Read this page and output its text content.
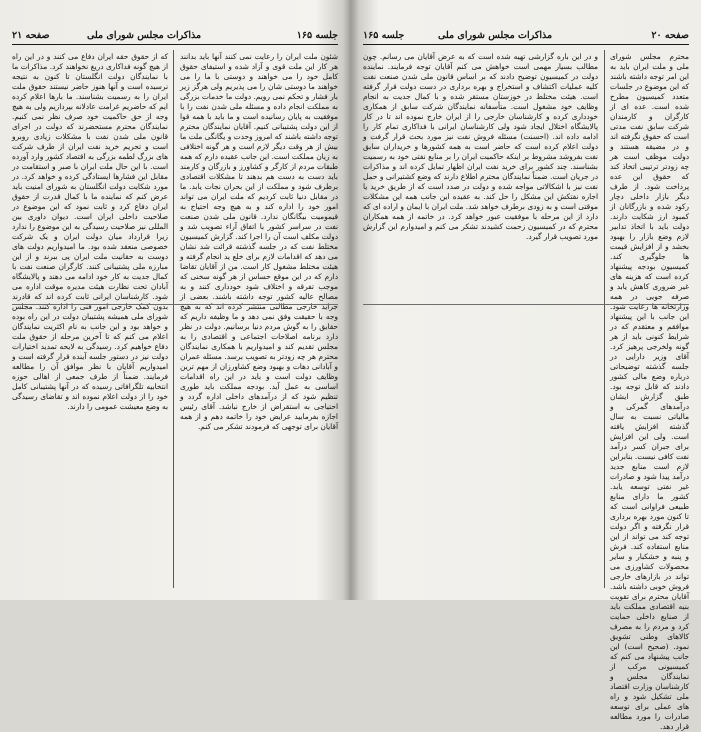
جلسه ۱۶۵
مذاکرات مجلس شورای ملی
صفحه ۲۱

شئون ملت ایران را رعایت نمی کنند آنها باید بدانند هر کار این ملت قوی و آزاد شده و استیفای حقوق کامل خود را می خواهند و دوستی با ما را می خواهند ما دوستی شان را می پذیریم ولی هرگز زیر بار فشار و تحکم نمی رویم. دولت ما خدمات بزرگی به مملکت انجام داده و مسئله ملی شدن نفت را با موفقیت به پایان رسانیده است و ما باید با همه قوا از این دولت پشتیبانی کنیم. آقایان نمایندگان محترم توجه داشته باشند که امروز وحدت و یگانگی ملت ما بیش از هر وقت دیگر لازم است و هر گونه اختلافی به زیان مملکت است. این جانب عقیده دارم که همه طبقات مردم از کارگر و کشاورز و بازرگان و کارمند باید دست به دست هم بدهند تا مشکلات اقتصادی برطرف شود و مملکت از این بحران نجات یابد. ما در مقابل دنیا ثابت کردیم که ملت ایران می تواند امور خود را اداره کند و به هیچ وجه احتیاج به قیمومیت بیگانگان ندارد. قانون ملی شدن صنعت نفت در سراسر کشور با اتفاق آراء تصویب شد و دولت مکلف است آن را اجرا کند. گزارش کمیسیون مختلط نفت که در جلسه گذشته قرائت شد نشان می دهد که اقدامات لازم برای خلع ید انجام گرفته و هیئت مختلط مشغول کار است. من از آقایان تقاضا دارم که در این موقع حساس از هر گونه سخنی که موجب تفرقه و اختلاف شود خودداری کنند و به مصالح عالیه کشور توجه داشته باشند. بعضی از جراید خارجی مطالبی منتشر کرده اند که به هیچ وجه با حقیقت وفق نمی دهد و ما وظیفه داریم که حقایق را به گوش مردم دنیا برسانیم. دولت در نظر دارد برنامه اصلاحات اجتماعی و اقتصادی را به مجلس تقدیم کند و امیدواریم با همکاری نمایندگان محترم هر چه زودتر به تصویب برسد. مسئله عمران و آبادانی دهات و بهبود وضع کشاورزان از مهم ترین وظایف دولت است و باید در این راه اقدامات اساسی به عمل آید. بودجه مملکت باید طوری تنظیم شود که از درآمدهای داخلی اداره گردد و احتیاجی به استقراض از خارج نباشد. آقای رئیس اجازه بفرمایید عرایض خود را خاتمه دهم و از همه آقایان برای توجهی که فرمودند تشکر می کنم.

که از حقوق حقه ایران دفاع می کنند و در این راه از هیچ گونه فداکاری دریغ نخواهند کرد. مذاکرات ما با نمایندگان دولت انگلستان تا کنون به نتیجه نرسیده است و آنها هنوز حاضر نیستند حقوق ملت ایران را به رسمیت بشناسند. ما بارها اعلام کرده ایم که حاضریم غرامت عادلانه بپردازیم ولی به هیچ وجه از حق حاکمیت خود صرف نظر نمی کنیم. نمایندگان محترم مستحضرند که دولت در اجرای قانون ملی شدن نفت با مشکلات زیادی روبرو است و تحریم خرید نفت ایران از طرف شرکت های بزرگ لطمه بزرگی به اقتصاد کشور وارد آورده است. با این حال ملت ایران با صبر و استقامت در مقابل این فشارها ایستادگی کرده و خواهد کرد. در مورد شکایت دولت انگلستان به شورای امنیت باید عرض کنم که نماینده ما با کمال قدرت از حقوق ایران دفاع کرد و ثابت نمود که این موضوع در صلاحیت داخلی ایران است. دیوان داوری بین المللی نیز صلاحیت رسیدگی به این موضوع را ندارد زیرا قرارداد میان دولت ایران و یک شرکت خصوصی منعقد شده بود. ما امیدواریم دولت های دوست به حقانیت ملت ایران پی ببرند و از این مبارزه ملی پشتیبانی کنند. کارگران صنعت نفت با کمال جدیت به کار خود ادامه می دهند و پالایشگاه آبادان تحت نظارت هیئت مدیره موقت اداره می شود. کارشناسان ایرانی ثابت کرده اند که قادرند بدون کمک خارجی امور فنی را اداره کنند. مجلس شورای ملی همیشه پشتیبان دولت در این راه بوده و خواهد بود و این جانب به نام اکثریت نمایندگان اعلام می کنم که تا آخرین مرحله از حقوق ملت دفاع خواهیم کرد. رسیدگی به لایحه تمدید اختیارات دولت نیز در دستور جلسه آینده قرار گرفته است و امیدواریم آقایان با نظر موافق آن را مطالعه فرمایند. ضمناً از طرف جمعی از اهالی حوزه انتخابیه تلگرافاتی رسیده که در آنها پشتیبانی کامل خود را از دولت اعلام نموده اند و تقاضای رسیدگی به وضع معیشت عمومی را دارند.

صفحه ۲۰
مذاکرات مجلس شورای ملی
جلسه ۱۶۵

محترم مجلس شورای ملی و ملت ایران باید به این امر توجه داشته باشند که این موضوع در جلسات متعدد کمیسیون مطرح شده است. عده ای از کارگران و کارمندان شرکت سابق نفت مدتی است که حقوق نگرفته اند و در مضیقه هستند و دولت موظف است هر چه زودتر ترتیبی اتخاذ کند که حقوق این عده پرداخت شود. از طرف دیگر بازار داخلی دچار رکود شده و بازرگانان از کمبود ارز شکایت دارند. دولت باید با اتخاذ تدابیر لازم وضع بازار را بهبود بخشد و از افزایش قیمت ها جلوگیری کند. کمیسیون بودجه پیشنهاد کرده است که هزینه های غیر ضروری کاهش یابد و صرفه جویی در همه وزارتخانه ها رعایت شود. این جانب با این پیشنهاد موافقم و معتقدم که در شرایط کنونی باید از هر گونه ولخرجی پرهیز کرد. آقای وزیر دارایی در جلسه گذشته توضیحاتی درباره وضع مالی کشور دادند که قابل توجه بود. طبق گزارش ایشان درآمدهای گمرکی و مالیاتی نسبت به سال گذشته افزایش یافته است. ولی این افزایش برای جبران کسر درآمد نفت کافی نیست. بنابراین لازم است منابع جدید درآمد پیدا شود و صادرات غیر نفتی توسعه یابد. کشور ما دارای منابع طبیعی فراوانی است که تا کنون مورد بهره برداری قرار نگرفته و اگر دولت توجه کند می تواند از این منابع استفاده کند. فرش و پنبه و خشکبار و سایر محصولات کشاورزی می تواند در بازارهای خارجی فروش خوبی داشته باشد. آقایان محترم برای تقویت بنیه اقتصادی مملکت باید از صنایع داخلی حمایت کرد و مردم را به مصرف کالاهای وطنی تشویق نمود. (صحیح است) این جانب پیشنهاد می کنم که کمیسیونی مرکب از نمایندگان مجلس و کارشناسان وزارت اقتصاد ملی تشکیل شود و راه های عملی برای توسعه صادرات را مورد مطالعه قرار دهد.

و در این باره گزارشی تهیه شده است که به عرض آقایان می رسانم. چون مطالب بسیار مهمی است خواهش می کنم آقایان توجه فرمایند. نماینده دولت در کمیسیون توضیح دادند که بر اساس قانون ملی شدن صنعت نفت کلیه عملیات اکتشاف و استخراج و بهره برداری در دست دولت قرار گرفته است. هیئت مختلط در خوزستان مستقر شده و با کمال جدیت به انجام وظایف خود مشغول است. متأسفانه نمایندگان شرکت سابق از همکاری خودداری کرده و کارشناسان خارجی را از ایران خارج نموده اند تا در کار پالایشگاه اختلال ایجاد شود ولی کارشناسان ایرانی با فداکاری تمام کار را ادامه داده اند. (احسنت) مسئله فروش نفت نیز مورد بحث قرار گرفت و دولت اعلام کرده است که حاضر است به همه کشورها و خریداران سابق نفت بفروشد مشروط بر اینکه حاکمیت ایران را بر منابع نفتی خود به رسمیت بشناسند. چند کشور برای خرید نفت ایران اظهار تمایل کرده اند و مذاکرات در جریان است. ضمناً نمایندگان محترم اطلاع دارند که وضع کشتیرانی و حمل نفت نیز با اشکالاتی مواجه شده و دولت در صدد است که از طریق خرید یا اجاره نفتکش این مشکل را حل کند. به عقیده این جانب همه این مشکلات موقتی است و به زودی برطرف خواهد شد. ملت ایران با ایمان و اراده ای که دارد از این مرحله با موفقیت عبور خواهد کرد. در خاتمه از همه همکاران محترم که در کمیسیون زحمت کشیدند تشکر می کنم و امیدوارم این گزارش مورد تصویب قرار گیرد.
